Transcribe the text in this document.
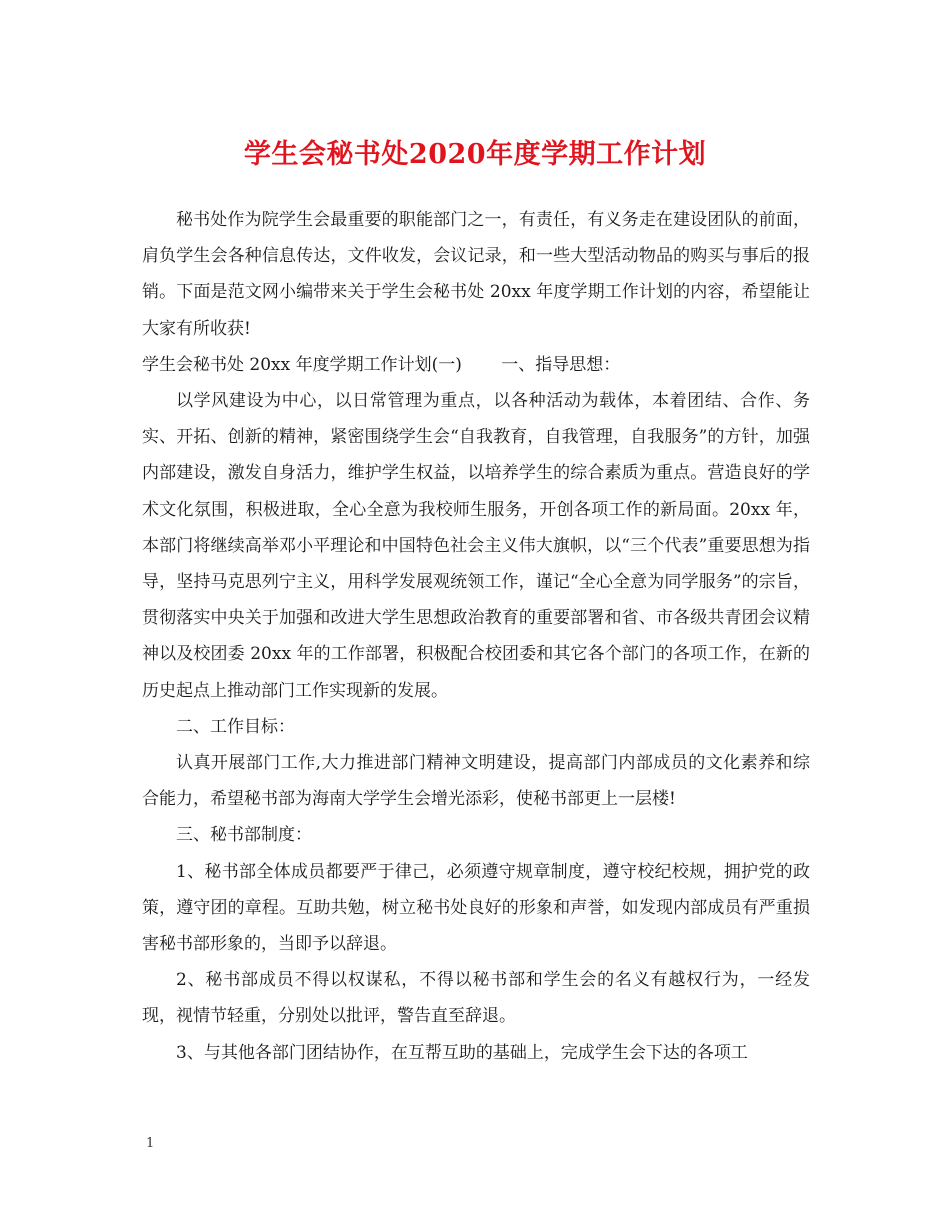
学生会秘书处2020年度学期工作计划

秘书处作为院学生会最重要的职能部门之一，有责任，有义务走在建设团队的前面，肩负学生会各种信息传达，文件收发，会议记录，和一些大型活动物品的购买与事后的报销。下面是范文网小编带来关于学生会秘书处 20xx 年度学期工作计划的内容，希望能让大家有所收获!

学生会秘书处 20xx 年度学期工作计划(一)　　 一、指导思想：

以学风建设为中心，以日常管理为重点，以各种活动为载体，本着团结、合作、务实、开拓、创新的精神，紧密围绕学生会“自我教育，自我管理，自我服务”的方针，加强内部建设，激发自身活力，维护学生权益，以培养学生的综合素质为重点。营造良好的学术文化氛围，积极进取，全心全意为我校师生服务，开创各项工作的新局面。20xx 年，本部门将继续高举邓小平理论和中国特色社会主义伟大旗帜，以“三个代表”重要思想为指导，坚持马克思列宁主义，用科学发展观统领工作，谨记“全心全意为同学服务”的宗旨，贯彻落实中央关于加强和改进大学生思想政治教育的重要部署和省、市各级共青团会议精神以及校团委 20xx 年的工作部署，积极配合校团委和其它各个部门的各项工作，在新的历史起点上推动部门工作实现新的发展。

二、工作目标：

认真开展部门工作,大力推进部门精神文明建设，提高部门内部成员的文化素养和综合能力，希望秘书部为海南大学学生会增光添彩，使秘书部更上一层楼!

三、秘书部制度：

1、秘书部全体成员都要严于律己，必须遵守规章制度，遵守校纪校规，拥护党的政策，遵守团的章程。互助共勉，树立秘书处良好的形象和声誉，如发现内部成员有严重损害秘书部形象的，当即予以辞退。

2、秘书部成员不得以权谋私，不得以秘书部和学生会的名义有越权行为，一经发现，视情节轻重，分别处以批评，警告直至辞退。

3、与其他各部门团结协作，在互帮互助的基础上，完成学生会下达的各项工

1
